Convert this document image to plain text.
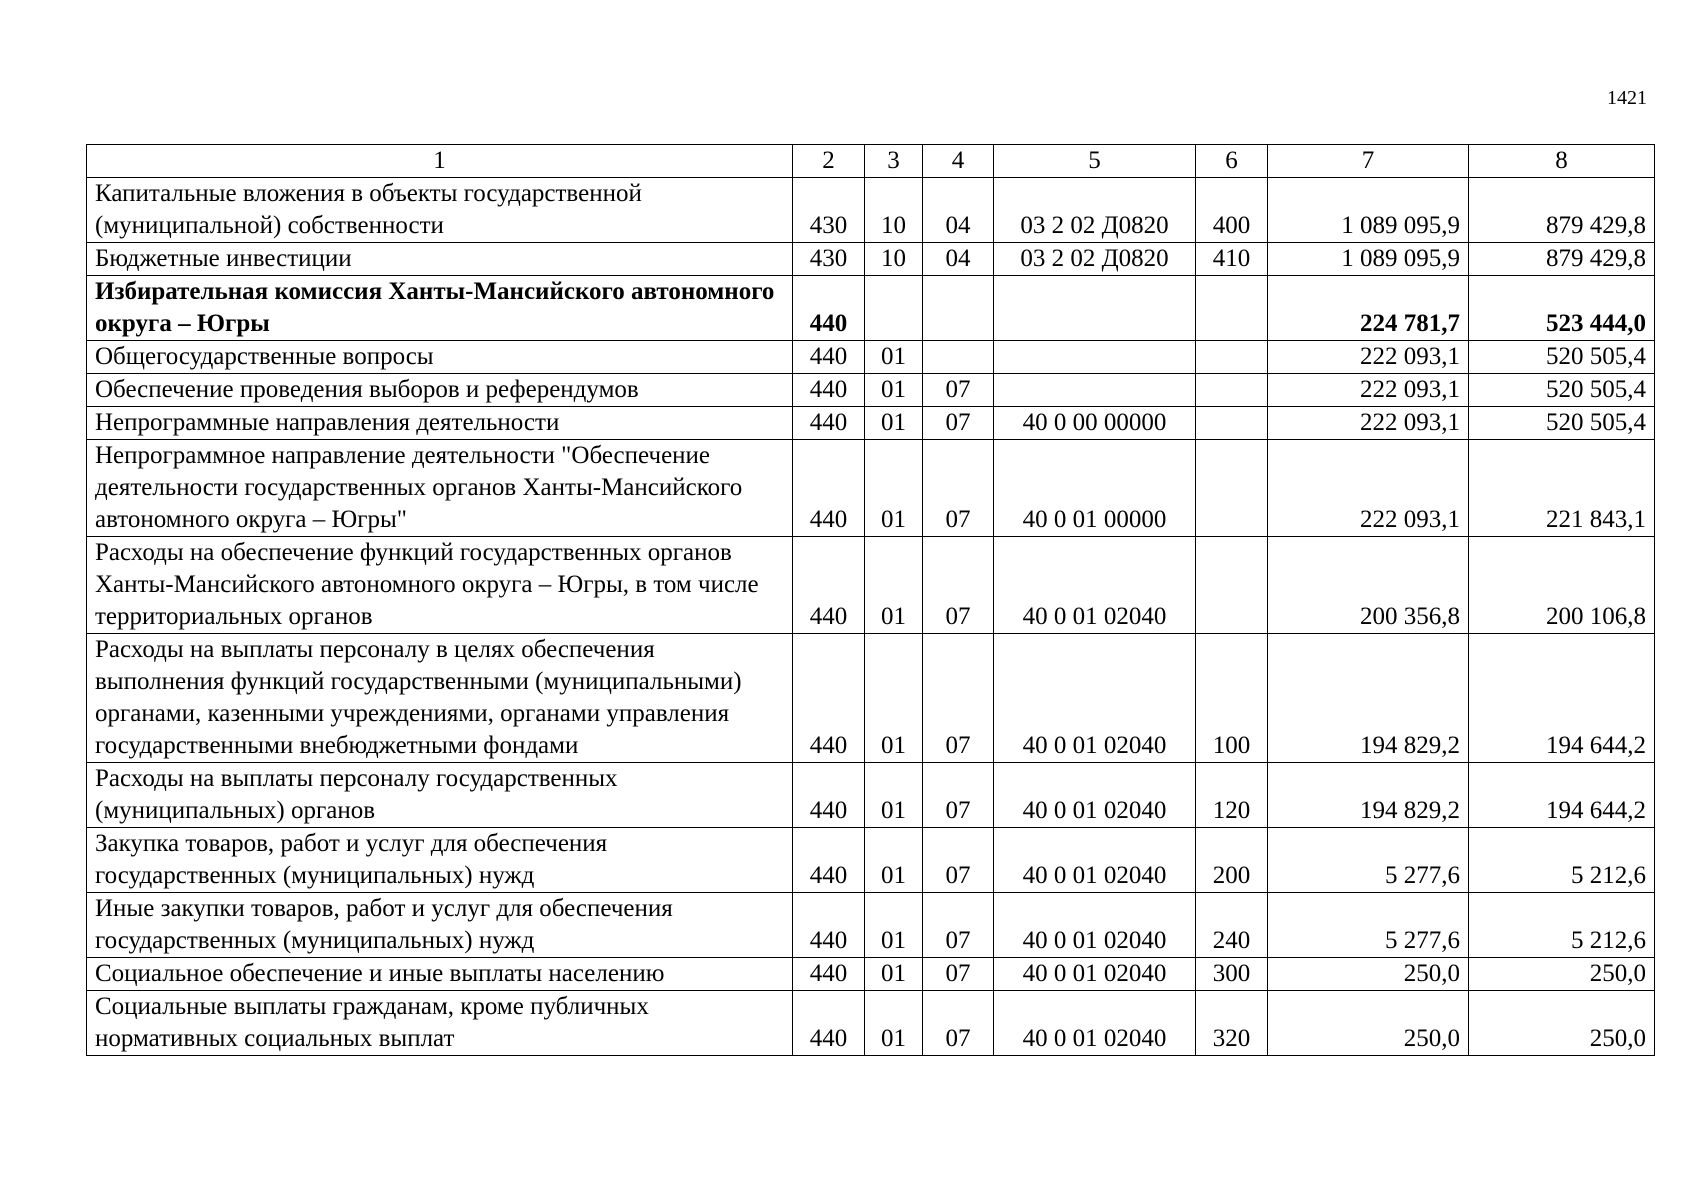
1421
1	2	3	4	5	6	7	8
Капитальные вложения в объекты государственной (муниципальной) собственности	430	10	04	03 2 02 Д0820	400	1 089 095,9	879 429,8
Бюджетные инвестиции	430	10	04	03 2 02 Д0820	410	1 089 095,9	879 429,8
Избирательная комиссия Ханты-Мансийского автономного округа – Югры	440					224 781,7	523 444,0
Общегосударственные вопросы	440	01				222 093,1	520 505,4
Обеспечение проведения выборов и референдумов	440	01	07			222 093,1	520 505,4
Непрограммные направления деятельности	440	01	07	40 0 00 00000		222 093,1	520 505,4
Непрограммное направление деятельности "Обеспечение деятельности государственных органов Ханты-Мансийского автономного округа – Югры"	440	01	07	40 0 01 00000		222 093,1	221 843,1
Расходы на обеспечение функций государственных органов Ханты-Мансийского автономного округа – Югры, в том числе территориальных органов	440	01	07	40 0 01 02040		200 356,8	200 106,8
Расходы на выплаты персоналу в целях обеспечения выполнения функций государственными (муниципальными) органами, казенными учреждениями, органами управления государственными внебюджетными фондами	440	01	07	40 0 01 02040	100	194 829,2	194 644,2
Расходы на выплаты персоналу государственных (муниципальных) органов	440	01	07	40 0 01 02040	120	194 829,2	194 644,2
Закупка товаров, работ и услуг для обеспечения государственных (муниципальных) нужд	440	01	07	40 0 01 02040	200	5 277,6	5 212,6
Иные закупки товаров, работ и услуг для обеспечения государственных (муниципальных) нужд	440	01	07	40 0 01 02040	240	5 277,6	5 212,6
Социальное обеспечение и иные выплаты населению	440	01	07	40 0 01 02040	300	250,0	250,0
Социальные выплаты гражданам, кроме публичных нормативных социальных выплат	440	01	07	40 0 01 02040	320	250,0	250,0
